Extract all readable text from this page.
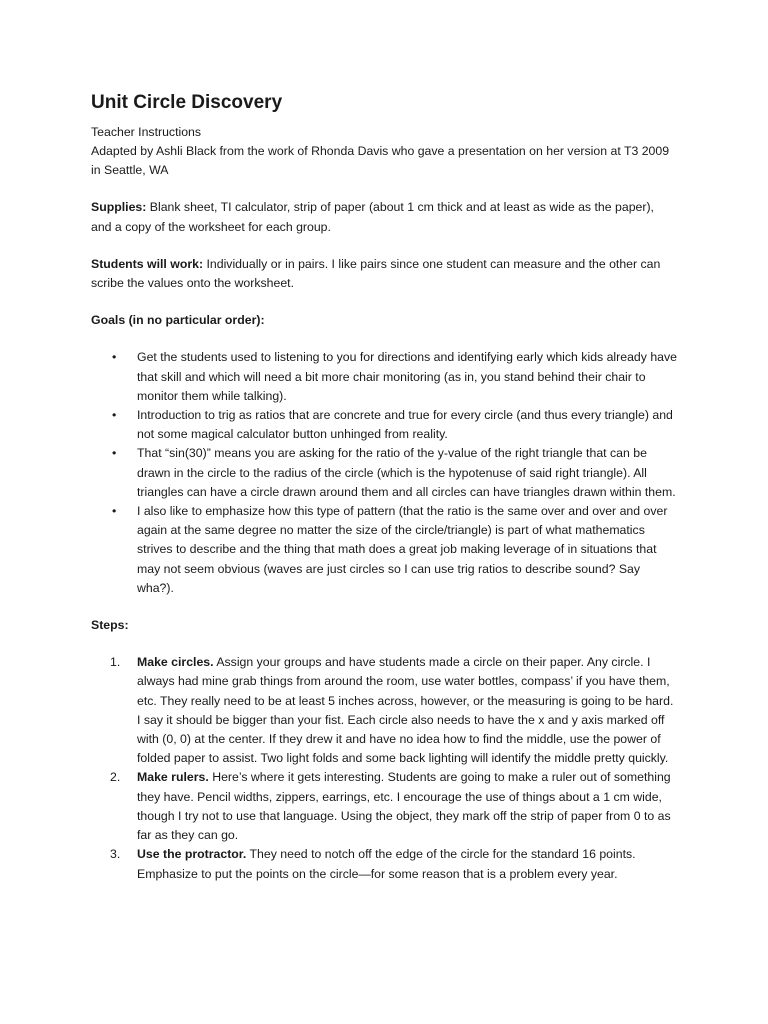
Unit Circle Discovery

Teacher Instructions

Adapted by Ashli Black from the work of Rhonda Davis who gave a presentation on her version at T3 2009 in Seattle, WA

Supplies: Blank sheet, TI calculator, strip of paper (about 1 cm thick and at least as wide as the paper), and a copy of the worksheet for each group.

Students will work: Individually or in pairs. I like pairs since one student can measure and the other can scribe the values onto the worksheet.

Goals (in no particular order):

• Get the students used to listening to you for directions and identifying early which kids already have that skill and which will need a bit more chair monitoring (as in, you stand behind their chair to monitor them while talking).
• Introduction to trig as ratios that are concrete and true for every circle (and thus every triangle) and not some magical calculator button unhinged from reality.
• That “sin(30)” means you are asking for the ratio of the y-value of the right triangle that can be drawn in the circle to the radius of the circle (which is the hypotenuse of said right triangle). All triangles can have a circle drawn around them and all circles can have triangles drawn within them.
• I also like to emphasize how this type of pattern (that the ratio is the same over and over and over again at the same degree no matter the size of the circle/triangle) is part of what mathematics strives to describe and the thing that math does a great job making leverage of in situations that may not seem obvious (waves are just circles so I can use trig ratios to describe sound? Say wha?).

Steps:

1. Make circles. Assign your groups and have students made a circle on their paper. Any circle. I always had mine grab things from around the room, use water bottles, compass’ if you have them, etc. They really need to be at least 5 inches across, however, or the measuring is going to be hard. I say it should be bigger than your fist. Each circle also needs to have the x and y axis marked off with (0, 0) at the center. If they drew it and have no idea how to find the middle, use the power of folded paper to assist. Two light folds and some back lighting will identify the middle pretty quickly.
2. Make rulers. Here’s where it gets interesting. Students are going to make a ruler out of something they have. Pencil widths, zippers, earrings, etc. I encourage the use of things about a 1 cm wide, though I try not to use that language. Using the object, they mark off the strip of paper from 0 to as far as they can go.
3. Use the protractor. They need to notch off the edge of the circle for the standard 16 points. Emphasize to put the points on the circle—for some reason that is a problem every year.
